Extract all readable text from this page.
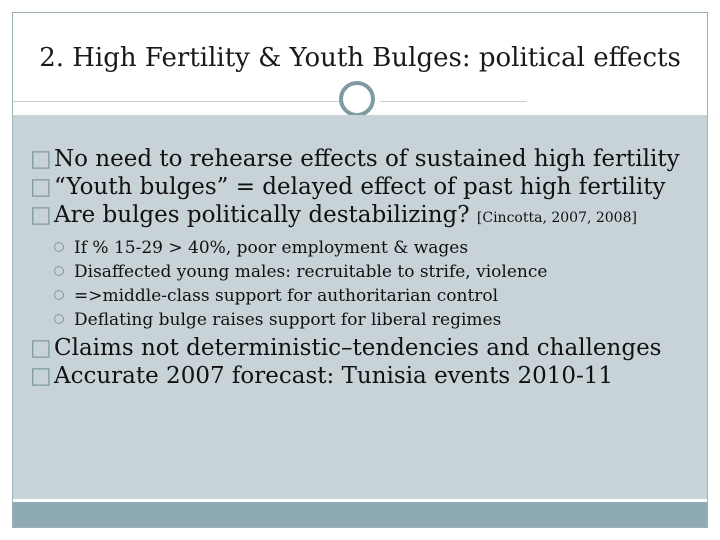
2. High Fertility & Youth Bulges: political effects
□No need to rehearse effects of sustained high fertility
□“Youth bulges” = delayed effect of past high fertility
□Are bulges politically destabilizing? [Cincotta, 2007, 2008]
If % 15-29 > 40%, poor employment & wages
Disaffected young males: recruitable to strife, violence
=>middle-class support for authoritarian control
Deflating bulge raises support for liberal regimes
□Claims not deterministic–tendencies and challenges
□Accurate 2007 forecast: Tunisia events 2010-11
